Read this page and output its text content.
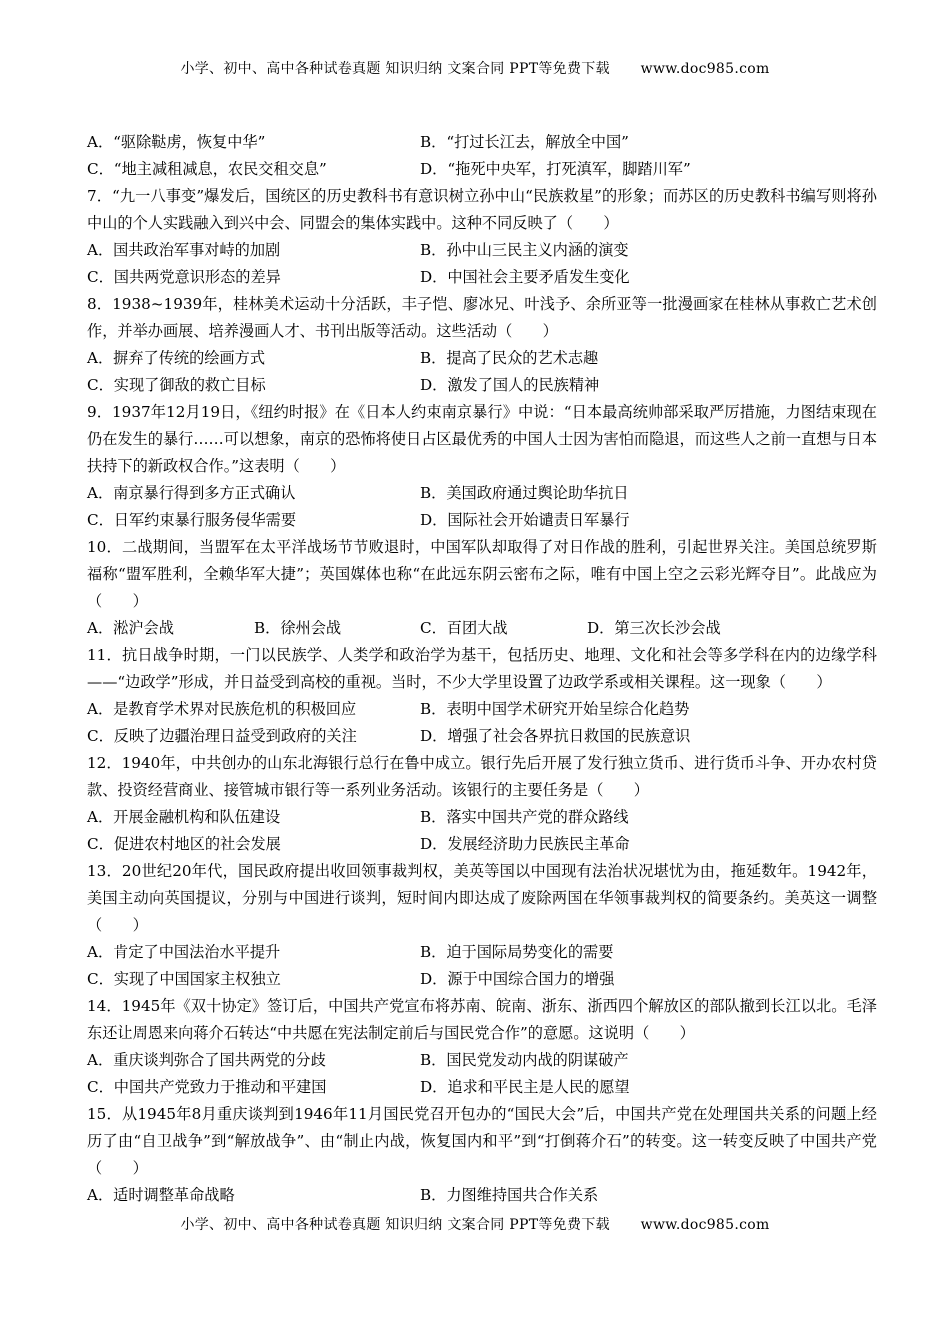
小学、初中、高中各种试卷真题 知识归纳 文案合同 PPT等免费下载 www.doc985.com
A．“驱除鞑虏，恢复中华”	B．“打过长江去，解放全中国”
C．“地主减租减息，农民交租交息”	D．“拖死中央军，打死滇军，脚踏川军”

7．“九一八事变”爆发后，国统区的历史教科书有意识树立孙中山“民族救星”的形象；而苏区的历史教科书编写则将孙中山的个人实践融入到兴中会、同盟会的集体实践中。这种不同反映了（　　）

A．国共政治军事对峙的加剧	B．孙中山三民主义内涵的演变
C．国共两党意识形态的差异	D．中国社会主要矛盾发生变化

8．1938~1939年，桂林美术运动十分活跃，丰子恺、廖冰兄、叶浅予、余所亚等一批漫画家在桂林从事救亡艺术创作，并举办画展、培养漫画人才、书刊出版等活动。这些活动（　　）

A．摒弃了传统的绘画方式	B．提高了民众的艺术志趣
C．实现了御敌的救亡目标	D．激发了国人的民族精神

9．1937年12月19日，《纽约时报》在《日本人约束南京暴行》中说：“日本最高统帅部采取严厉措施，力图结束现在仍在发生的暴行……可以想象，南京的恐怖将使日占区最优秀的中国人士因为害怕而隐退，而这些人之前一直想与日本扶持下的新政权合作。”这表明（　　）

A．南京暴行得到多方正式确认	B．美国政府通过舆论助华抗日
C．日军约束暴行服务侵华需要	D．国际社会开始谴责日军暴行

10．二战期间，当盟军在太平洋战场节节败退时，中国军队却取得了对日作战的胜利，引起世界关注。美国总统罗斯福称“盟军胜利，全赖华军大捷”；英国媒体也称“在此远东阴云密布之际，唯有中国上空之云彩光辉夺目”。此战应为（　　）

A．淞沪会战	B．徐州会战	C．百团大战	D．第三次长沙会战

11．抗日战争时期，一门以民族学、人类学和政治学为基干，包括历史、地理、文化和社会等多学科在内的边缘学科——“边政学”形成，并日益受到高校的重视。当时，不少大学里设置了边政学系或相关课程。这一现象（　　）

A．是教育学术界对民族危机的积极回应	B．表明中国学术研究开始呈综合化趋势
C．反映了边疆治理日益受到政府的关注	D．增强了社会各界抗日救国的民族意识

12．1940年，中共创办的山东北海银行总行在鲁中成立。银行先后开展了发行独立货币、进行货币斗争、开办农村贷款、投资经营商业、接管城市银行等一系列业务活动。该银行的主要任务是（　　）

A．开展金融机构和队伍建设	B．落实中国共产党的群众路线
C．促进农村地区的社会发展	D．发展经济助力民族民主革命

13．20世纪20年代，国民政府提出收回领事裁判权，美英等国以中国现有法治状况堪忧为由，拖延数年。1942年，美国主动向英国提议，分别与中国进行谈判，短时间内即达成了废除两国在华领事裁判权的简要条约。美英这一调整（　　）

A．肯定了中国法治水平提升	B．迫于国际局势变化的需要
C．实现了中国国家主权独立	D．源于中国综合国力的增强

14．1945年《双十协定》签订后，中国共产党宣布将苏南、皖南、浙东、浙西四个解放区的部队撤到长江以北。毛泽东还让周恩来向蒋介石转达“中共愿在宪法制定前后与国民党合作”的意愿。这说明（　　）

A．重庆谈判弥合了国共两党的分歧	B．国民党发动内战的阴谋破产
C．中国共产党致力于推动和平建国	D．追求和平民主是人民的愿望

15．从1945年8月重庆谈判到1946年11月国民党召开包办的“国民大会”后，中国共产党在处理国共关系的问题上经历了由“自卫战争”到“解放战争”、由“制止内战，恢复国内和平”到“打倒蒋介石”的转变。这一转变反映了中国共产党（　　）

A．适时调整革命战略	B．力图维持国共合作关系
小学、初中、高中各种试卷真题 知识归纳 文案合同 PPT等免费下载 www.doc985.com
